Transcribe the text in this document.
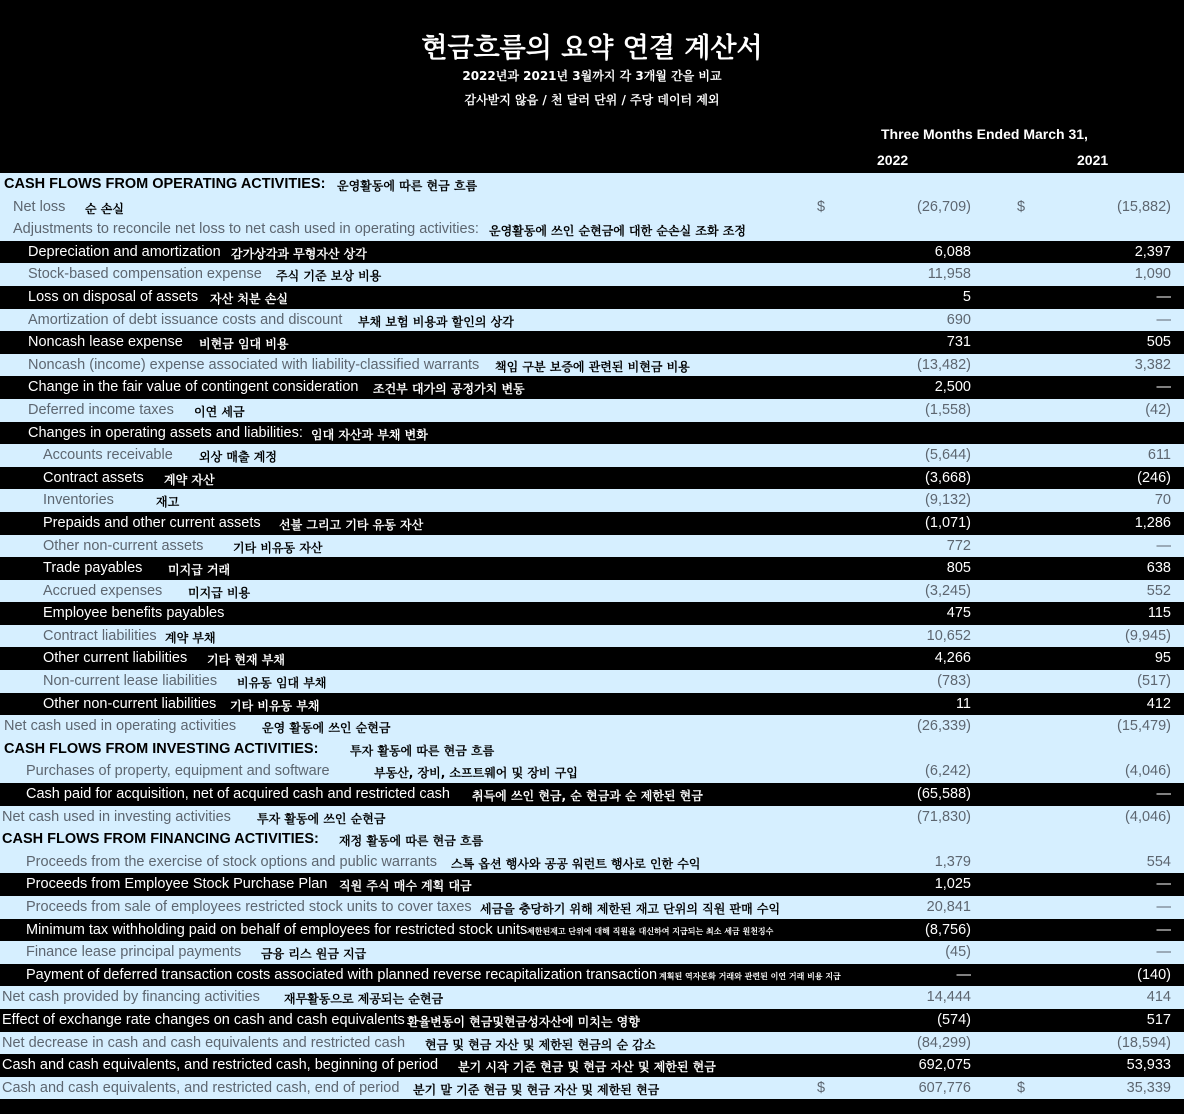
현금흐름의 요약 연결 계산서
2022년과 2021년 3월까지 각 3개월 간을 비교
감사받지 않음 / 천 달러 단위 / 주당 데이터 제외
Three Months Ended March 31,
2022	2021
CASH FLOWS FROM OPERATING ACTIVITIES: 운영활동에 따른 현금 흐름
Net loss 순 손실	$	(26,709)	$	(15,882)
Adjustments to reconcile net loss to net cash used in operating activities: 운영활동에 쓰인 순현금에 대한 순손실 조화 조정
Depreciation and amortization 감가상각과 무형자산 상각	6,088	2,397
Stock-based compensation expense 주식 기준 보상 비용	11,958	1,090
Loss on disposal of assets 자산 처분 손실	5	—
Amortization of debt issuance costs and discount 부채 보험 비용과 할인의 상각	690	—
Noncash lease expense 비현금 임대 비용	731	505
Noncash (income) expense associated with liability-classified warrants 책임 구분 보증에 관련된 비현금 비용	(13,482)	3,382
Change in the fair value of contingent consideration 조건부 대가의 공정가치 변동	2,500	—
Deferred income taxes 이연 세금	(1,558)	(42)
Changes in operating assets and liabilities: 임대 자산과 부채 변화
Accounts receivable 외상 매출 계정	(5,644)	611
Contract assets 계약 자산	(3,668)	(246)
Inventories	재고	(9,132)	70
Prepaids and other current assets 선불 그리고 기타 유동 자산	(1,071)	1,286
Other non-current assets 기타 비유동 자산	772	—
Trade payables 미지급 거래	805	638
Accrued expenses 미지급 비용	(3,245)	552
Employee benefits payables	475	115
Contract liabilities 계약 부채	10,652	(9,945)
Other current liabilities 기타 현재 부채	4,266	95
Non-current lease liabilities 비유동 임대 부채	(783)	(517)
Other non-current liabilities 기타 비유동 부채	11	412
Net cash used in operating activities 운영 활동에 쓰인 순현금	(26,339)	(15,479)
CASH FLOWS FROM INVESTING ACTIVITIES:	투자 활동에 따른 현금 흐름
Purchases of property, equipment and software	부동산, 장비, 소프트웨어 및 장비 구입	(6,242)	(4,046)
Cash paid for acquisition, net of acquired cash and restricted cash 취득에 쓰인 현금, 순 현금과 순 제한된 현금	(65,588)	—
Net cash used in investing activities 투자 활동에 쓰인 순현금	(71,830)	(4,046)
CASH FLOWS FROM FINANCING ACTIVITIES: 재정 활동에 따른 현금 흐름
Proceeds from the exercise of stock options and public warrants 스톡 옵션 행사와 공공 워런트 행사로 인한 수익	1,379	554
Proceeds from Employee Stock Purchase Plan 직원 주식 매수 계획 대금	1,025	—
Proceeds from sale of employees restricted stock units to cover taxes 세금을 충당하기 위해 제한된 재고 단위의 직원 판매 수익	20,841	—
Minimum tax withholding paid on behalf of employees for restricted stock units 제한된재고 단위에 대해 직원을 대신하여 지급되는 최소 세금 원천징수	(8,756)	—
Finance lease principal payments 금융 리스 원금 지급	(45)	—
Payment of deferred transaction costs associated with planned reverse recapitalization transaction 계획된 역자본화 거래와 관련된 이연 거래 비용 지급	—	(140)
Net cash provided by financing activities 재무활동으로 제공되는 순현금	14,444	414
Effect of exchange rate changes on cash and cash equivalents 환율변동이 현금및현금성자산에 미치는 영향	(574)	517
Net decrease in cash and cash equivalents and restricted cash 현금 및 현금 자산 및 제한된 현금의 순 감소	(84,299)	(18,594)
Cash and cash equivalents, and restricted cash, beginning of period 분기 시작 기준 현금 및 현금 자산 및 제한된 현금	692,075	53,933
Cash and cash equivalents, and restricted cash, end of period 분기 말 기준 현금 및 현금 자산 및 제한된 현금	$	607,776	$	35,339
